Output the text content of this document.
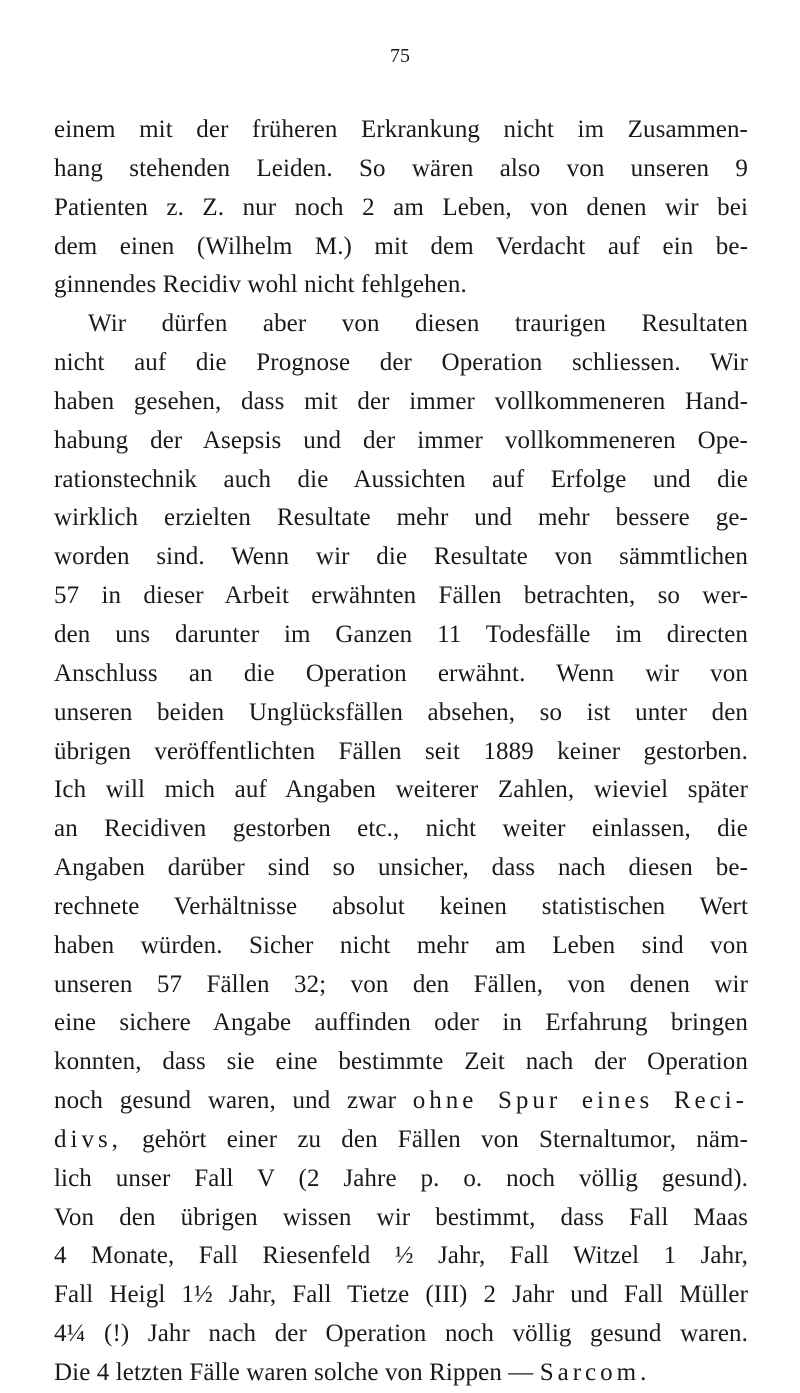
75
einem mit der früheren Erkrankung nicht im Zusammen-
hang stehenden Leiden. So wären also von unseren 9
Patienten z. Z. nur noch 2 am Leben, von denen wir bei
dem einen (Wilhelm M.) mit dem Verdacht auf ein be-
ginnendes Recidiv wohl nicht fehlgehen.
Wir dürfen aber von diesen traurigen Resultaten
nicht auf die Prognose der Operation schliessen. Wir
haben gesehen, dass mit der immer vollkommeneren Hand-
habung der Asepsis und der immer vollkommeneren Ope-
rationstechnik auch die Aussichten auf Erfolge und die
wirklich erzielten Resultate mehr und mehr bessere ge-
worden sind. Wenn wir die Resultate von sämmtlichen
57 in dieser Arbeit erwähnten Fällen betrachten, so wer-
den uns darunter im Ganzen 11 Todesfälle im directen
Anschluss an die Operation erwähnt. Wenn wir von
unseren beiden Unglücksfällen absehen, so ist unter den
übrigen veröffentlichten Fällen seit 1889 keiner gestorben.
Ich will mich auf Angaben weiterer Zahlen, wieviel später
an Recidiven gestorben etc., nicht weiter einlassen, die
Angaben darüber sind so unsicher, dass nach diesen be-
rechnete Verhältnisse absolut keinen statistischen Wert
haben würden. Sicher nicht mehr am Leben sind von
unseren 57 Fällen 32; von den Fällen, von denen wir
eine sichere Angabe auffinden oder in Erfahrung bringen
konnten, dass sie eine bestimmte Zeit nach der Operation
noch gesund waren, und zwar ohne Spur eines Reci-
divs, gehört einer zu den Fällen von Sternaltumor, näm-
lich unser Fall V (2 Jahre p. o. noch völlig gesund).
Von den übrigen wissen wir bestimmt, dass Fall Maas
4 Monate, Fall Riesenfeld ½ Jahr, Fall Witzel 1 Jahr,
Fall Heigl 1½ Jahr, Fall Tietze (III) 2 Jahr und Fall Müller
4¼ (!) Jahr nach der Operation noch völlig gesund waren.
Die 4 letzten Fälle waren solche von Rippen — Sarcom.
